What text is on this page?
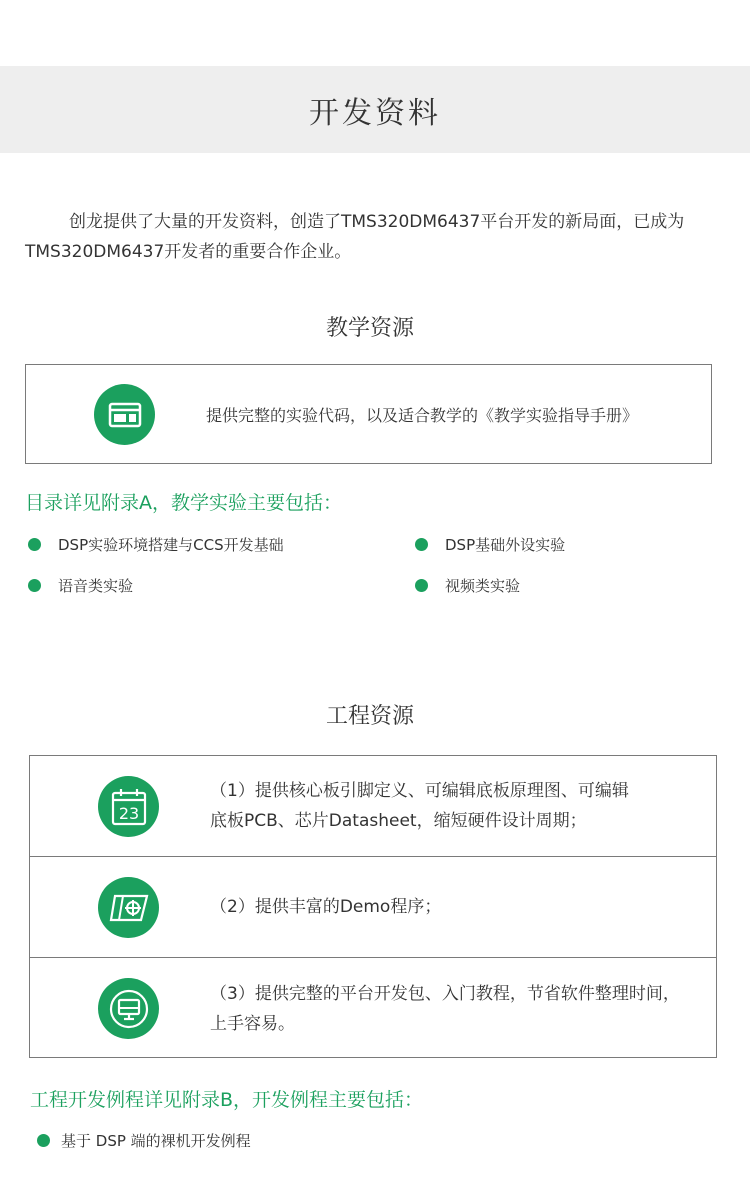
开发资料

创龙提供了大量的开发资料，创造了TMS320DM6437平台开发的新局面，已成为TMS320DM6437开发者的重要合作企业。

教学资源
提供完整的实验代码，以及适合教学的《教学实验指导手册》
目录详见附录A，教学实验主要包括：
DSP实验环境搭建与CCS开发基础	DSP基础外设实验
语音类实验	视频类实验
工程资源
23
（1）提供核心板引脚定义、可编辑底板原理图、可编辑
底板PCB、芯片Datasheet，缩短硬件设计周期；
（2）提供丰富的Demo程序；
（3）提供完整的平台开发包、入门教程，节省软件整理时间，
上手容易。
工程开发例程详见附录B，开发例程主要包括：
基于 DSP 端的裸机开发例程
